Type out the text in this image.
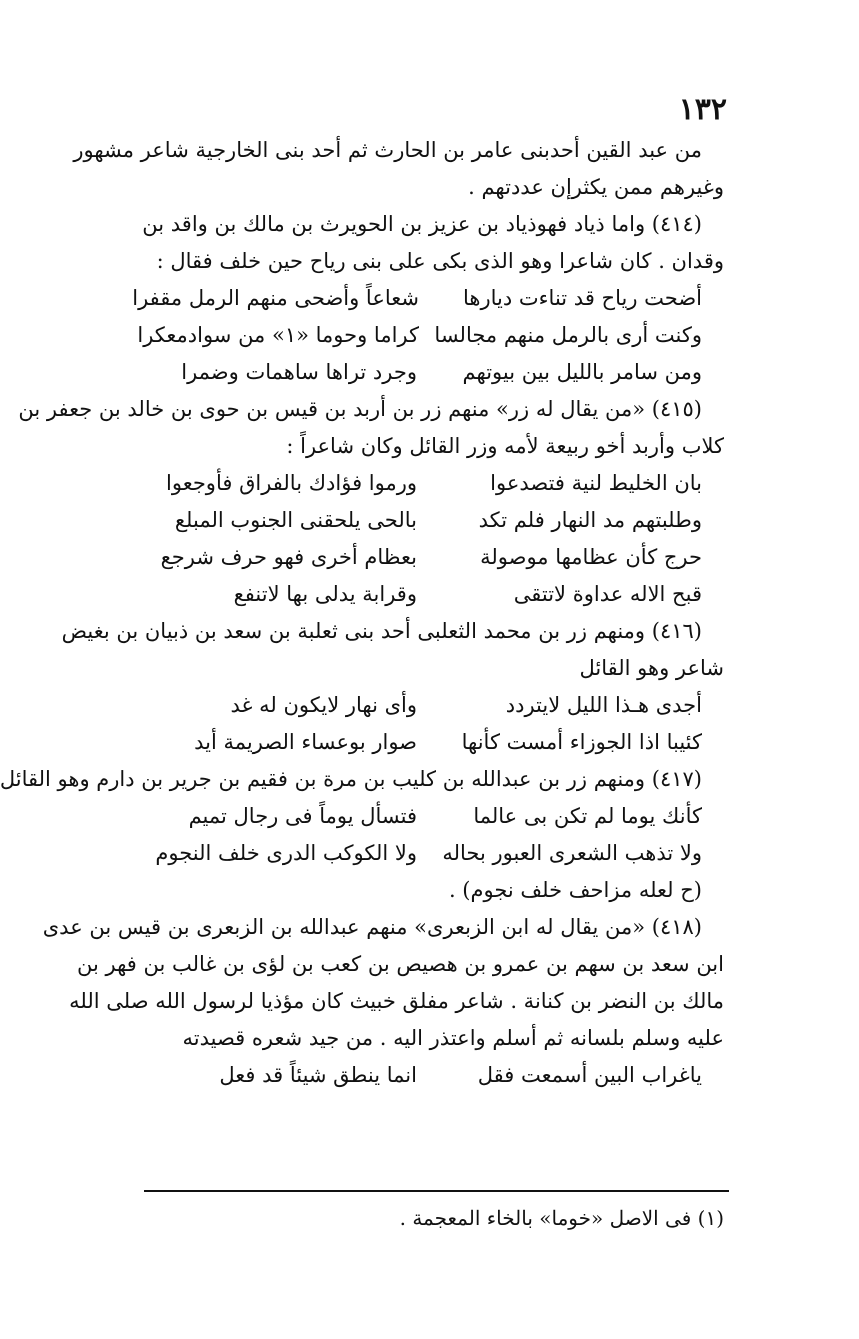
١٣٢
من عبد القين أحدبنى عامر بن الحارث ثم أحد بنى الخارجية شاعر مشهور
وغيرهم ممن يكثرإن عددتهم .
(٤١٤) واما ذياد فهوذياد بن عزيز بن الحويرث بن مالك بن واقد بن
وقدان . كان شاعرا وهو الذى بكى على بنى رياح حين خلف فقال :
أضحت رياح قد تناءت ديارها
شعاعاً وأضحى منهم الرمل مقفرا
وكنت أرى بالرمل منهم مجالسا
كراما وحوما «١» من سوادمعكرا
ومن سامر بالليل بين بيوتهم
وجرد تراها ساهمات وضمرا
(٤١٥) «من يقال له زر» منهم زر بن أربد بن قيس بن حوى بن خالد بن جعفر بن
كلاب وأربد أخو ربيعة لأمه وزر القائل وكان شاعراً :
بان الخليط لنية فتصدعوا
ورموا فؤادك بالفراق فأوجعوا
وطلبتهم مد النهار فلم تكد
بالحى يلحقنى الجنوب المبلع
حرج كأن عظامها موصولة
بعظام أخرى فهو حرف شرجع
قبح الاله عداوة لاتتقى
وقرابة يدلى بها لاتنفع
(٤١٦) ومنهم زر بن محمد الثعلبى أحد بنى ثعلبة بن سعد بن ذبيان بن بغيض
شاعر وهو القائل
أجدى هـذا الليل لايتردد
وأى نهار لايكون له غد
كئيبا اذا الجوزاء أمست كأنها
صوار بوعساء الصريمة أيد
(٤١٧) ومنهم زر بن عبدالله بن كليب بن مرة بن فقيم بن جرير بن دارم وهو القائل
كأنك يوما لم تكن بى عالما
فتسأل يوماً فى رجال تميم
ولا تذهب الشعرى العبور بحاله
ولا الكوكب الدرى خلف النجوم
(ح لعله مزاحف خلف نجوم) .
(٤١٨) «من يقال له ابن الزبعرى» منهم عبدالله بن الزبعرى بن قيس بن عدى
ابن سعد بن سهم بن عمرو بن هصيص بن كعب بن لؤى بن غالب بن فهر بن
مالك بن النضر بن كنانة . شاعر مفلق خبيث كان مؤذيا لرسول الله صلى الله
عليه وسلم بلسانه ثم أسلم واعتذر اليه . من جيد شعره قصيدته
ياغراب البين أسمعت فقل
انما ينطق شيئاً قد فعل
(١) فى الاصل «خوما» بالخاء المعجمة .
